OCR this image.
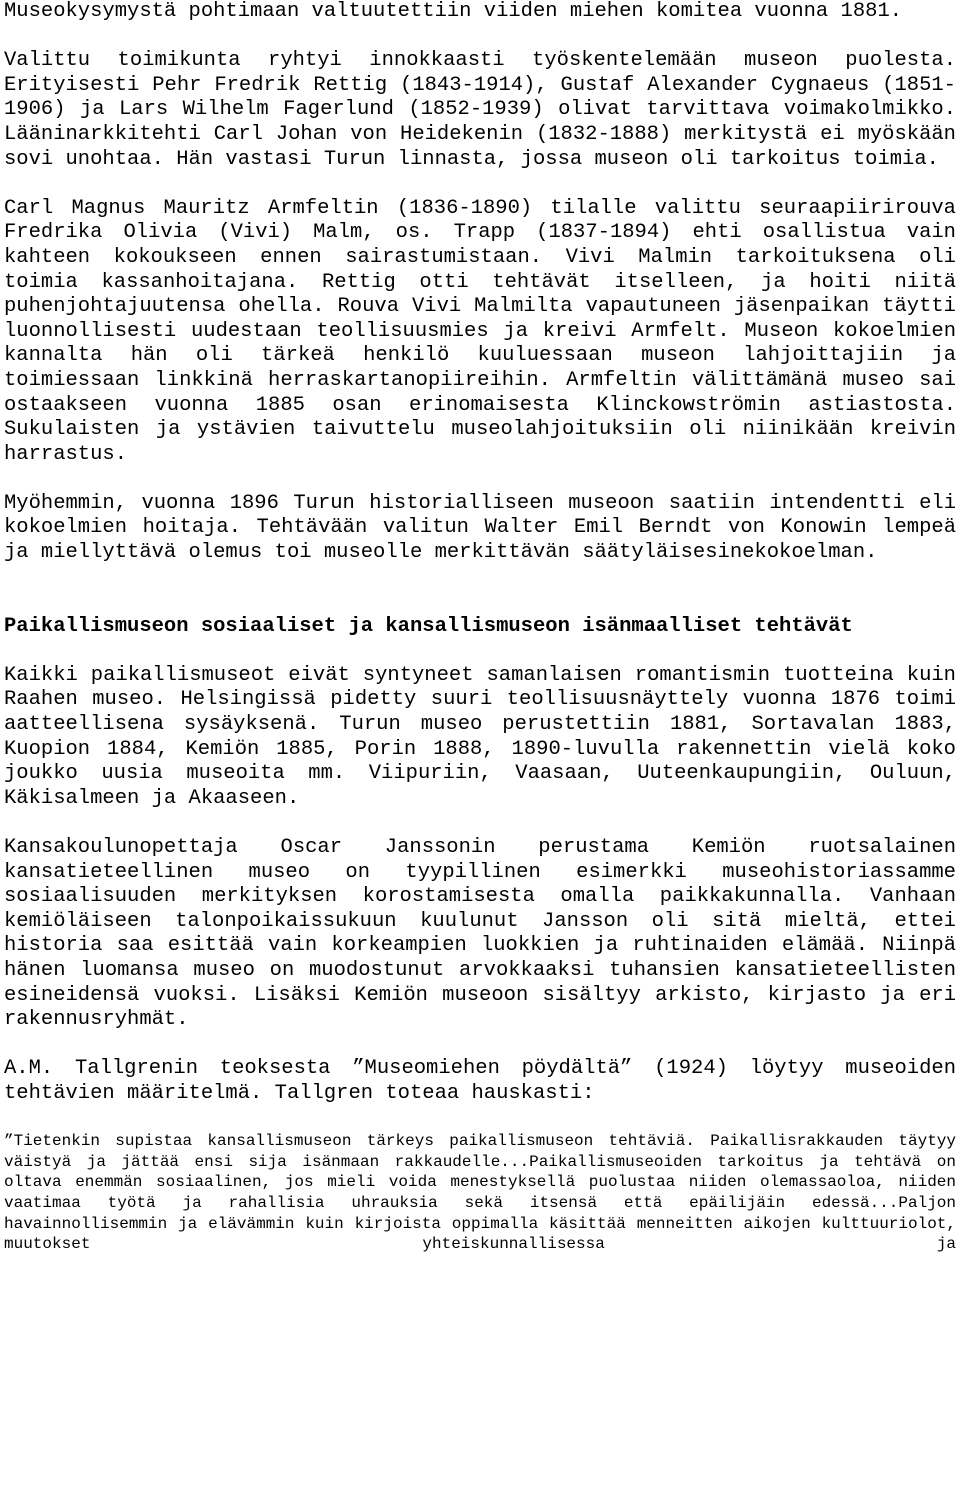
Museokysymystä pohtimaan valtuutettiin viiden miehen komitea vuonna 1881.

Valittu toimikunta ryhtyi innokkaasti työskentelemään museon puolesta. Erityisesti Pehr Fredrik Rettig (1843-1914), Gustaf Alexander Cygnaeus (1851-1906) ja Lars Wilhelm Fagerlund (1852-1939) olivat tarvittava voimakolmikko. Lääninarkkitehti Carl Johan von Heidekenin (1832-1888) merkitystä ei myöskään sovi unohtaa. Hän vastasi Turun linnasta, jossa museon oli tarkoitus toimia.

Carl Magnus Mauritz Armfeltin (1836-1890) tilalle valittu seuraapiirirouva Fredrika Olivia (Vivi) Malm, os. Trapp (1837-1894) ehti osallistua vain kahteen kokoukseen ennen sairastumistaan. Vivi Malmin tarkoituksena oli toimia kassanhoitajana. Rettig otti tehtävät itselleen, ja hoiti niitä puhenjohtajuutensa ohella. Rouva Vivi Malmilta vapautuneen jäsenpaikan täytti luonnollisesti uudestaan teollisuusmies ja kreivi Armfelt. Museon kokoelmien kannalta hän oli tärkeä henkilö kuuluessaan museon lahjoittajiin ja toimiessaan linkkinä herraskartanopiireihin. Armfeltin välittämänä museo sai ostaakseen vuonna 1885 osan erinomaisesta Klinckowströmin astiastosta. Sukulaisten ja ystävien taivuttelu museolahjoituksiin oli niinikään kreivin harrastus.

Myöhemmin, vuonna 1896 Turun historialliseen museoon saatiin intendentti eli kokoelmien hoitaja. Tehtävään valitun Walter Emil Berndt von Konowin lempeä ja miellyttävä olemus toi museolle merkittävän säätyläisesinekokoelman.

Paikallismuseon sosiaaliset ja kansallismuseon isänmaalliset tehtävät

Kaikki paikallismuseot eivät syntyneet samanlaisen romantismin tuotteina kuin Raahen museo. Helsingissä pidetty suuri teollisuusnäyttely vuonna 1876 toimi aatteellisena sysäyksenä. Turun museo perustettiin 1881, Sortavalan 1883, Kuopion 1884, Kemiön 1885, Porin 1888, 1890-luvulla rakennettin vielä koko joukko uusia museoita mm. Viipuriin, Vaasaan, Uuteenkaupungiin, Ouluun, Käkisalmeen ja Akaaseen.

Kansakoulunopettaja Oscar Janssonin perustama Kemiön ruotsalainen kansatieteellinen museo on tyypillinen esimerkki museohistoriassamme sosiaalisuuden merkityksen korostamisesta omalla paikkakunnalla. Vanhaan kemiöläiseen talonpoikaissukuun kuulunut Jansson oli sitä mieltä, ettei historia saa esittää vain korkeampien luokkien ja ruhtinaiden elämää. Niinpä hänen luomansa museo on muodostunut arvokkaaksi tuhansien kansatieteellisten esineidensä vuoksi. Lisäksi Kemiön museoon sisältyy arkisto, kirjasto ja eri rakennusryhmät.

A.M. Tallgrenin teoksesta ”Museomiehen pöydältä” (1924) löytyy museoiden tehtävien määritelmä. Tallgren toteaa hauskasti:

”Tietenkin supistaa kansallismuseon tärkeys paikallismuseon tehtäviä. Paikallisrakkauden täytyy väistyä ja jättää ensi sija isänmaan rakkaudelle...Paikallismuseoiden tarkoitus ja tehtävä on oltava enemmän sosiaalinen, jos mieli voida menestyksellä puolustaa niiden olemassaoloa, niiden vaatimaa työtä ja rahallisia uhrauksia sekä itsensä että epäilijäin edessä...Paljon havainnollisemmin ja elävämmin kuin kirjoista oppimalla käsittää menneitten aikojen kulttuuriolot, muutokset yhteiskunnallisessa ja
